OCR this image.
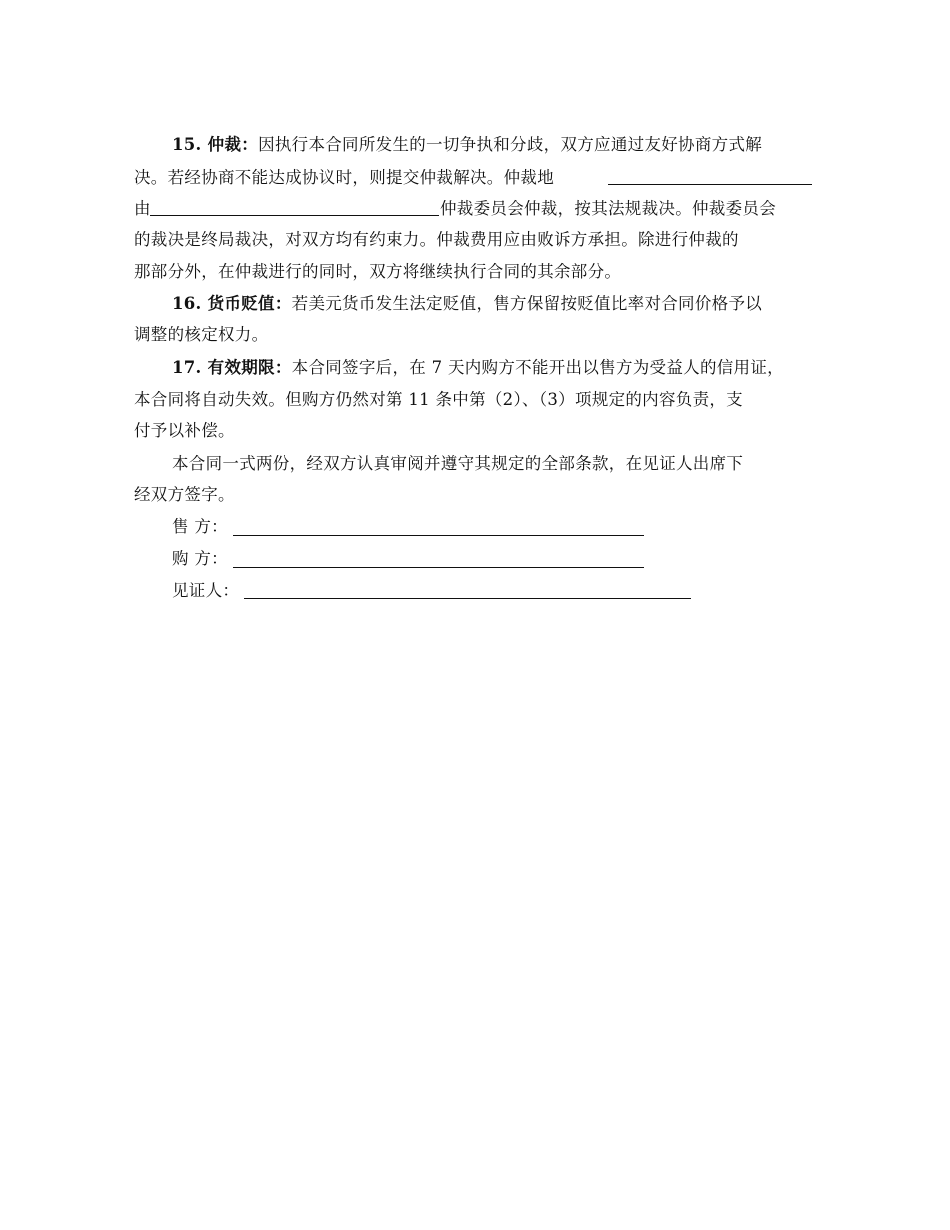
15. 仲裁：因执行本合同所发生的一切争执和分歧，双方应通过友好协商方式解
决。若经协商不能达成协议时，则提交仲裁解决。仲裁地
由	仲裁委员会仲裁，按其法规裁决。仲裁委员会
的裁决是终局裁决，对双方均有约束力。仲裁费用应由败诉方承担。除进行仲裁的
那部分外，在仲裁进行的同时，双方将继续执行合同的其余部分。
16. 货币贬值：若美元货币发生法定贬值，售方保留按贬值比率对合同价格予以
调整的核定权力。
17. 有效期限：本合同签字后，在 7 天内购方不能开出以售方为受益人的信用证，
本合同将自动失效。但购方仍然对第 11 条中第（2）、（3）项规定的内容负责，支
付予以补偿。
本合同一式两份，经双方认真审阅并遵守其规定的全部条款，在见证人出席下
经双方签字。
售 方：
购 方：
见证人：
